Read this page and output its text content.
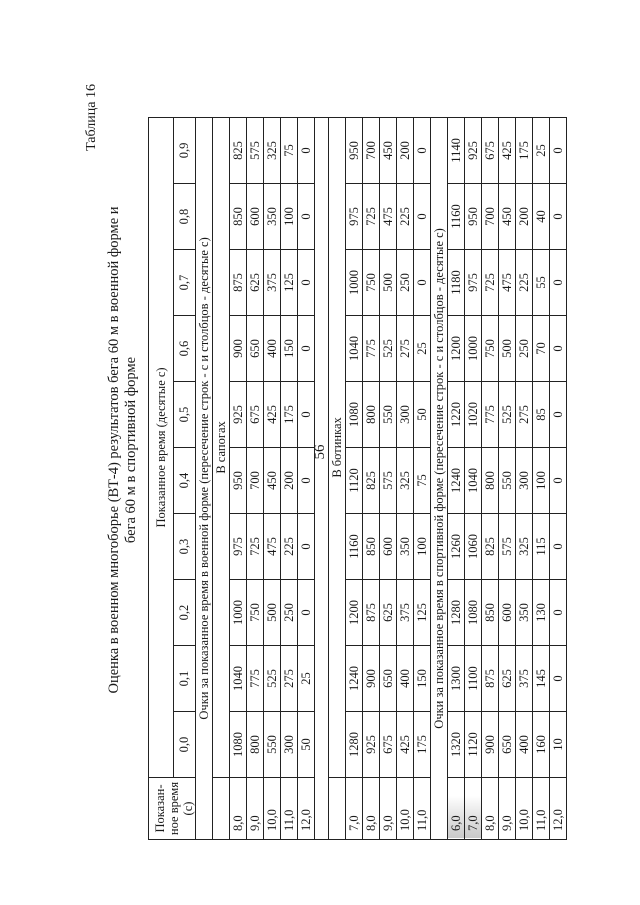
56
Таблица 16
Оценка в военном многоборье (ВТ-4) результатов бега 60 м в военной форме и бега 60 м в спортивной форме
Показан-ное время (с)	Показанное время (десятые с)									
	0,0	0,1	0,2	0,3	0,4	0,5	0,6	0,7	0,8	0,9
Очки за показанное время в военной форме (пересечение строк - с и столбцов - десятые с)										
	В сапогах									
8,0	1080	1040	1000	975	950	925	900	875	850	825
9,0	800	775	750	725	700	675	650	625	600	575
10,0	550	525	500	475	450	425	400	375	350	325
11,0	300	275	250	225	200	175	150	125	100	75
12,0	50	25	0	0	0	0	0	0	0	0

	В ботинках									
7,0	1280	1240	1200	1160	1120	1080	1040	1000	975	950
8,0	925	900	875	850	825	800	775	750	725	700
9,0	675	650	625	600	575	550	525	500	475	450
10,0	425	400	375	350	325	300	275	250	225	200
11,0	175	150	125	100	75	50	25	0	0	0
Очки за показанное время в спортивной форме (пересечение строк - с и столбцов - десятые с)										
6,0	1320	1300	1280	1260	1240	1220	1200	1180	1160	1140
7,0	1120	1100	1080	1060	1040	1020	1000	975	950	925
8,0	900	875	850	825	800	775	750	725	700	675
9,0	650	625	600	575	550	525	500	475	450	425
10,0	400	375	350	325	300	275	250	225	200	175
11,0	160	145	130	115	100	85	70	55	40	25
12,0	10	0	0	0	0	0	0	0	0	0
